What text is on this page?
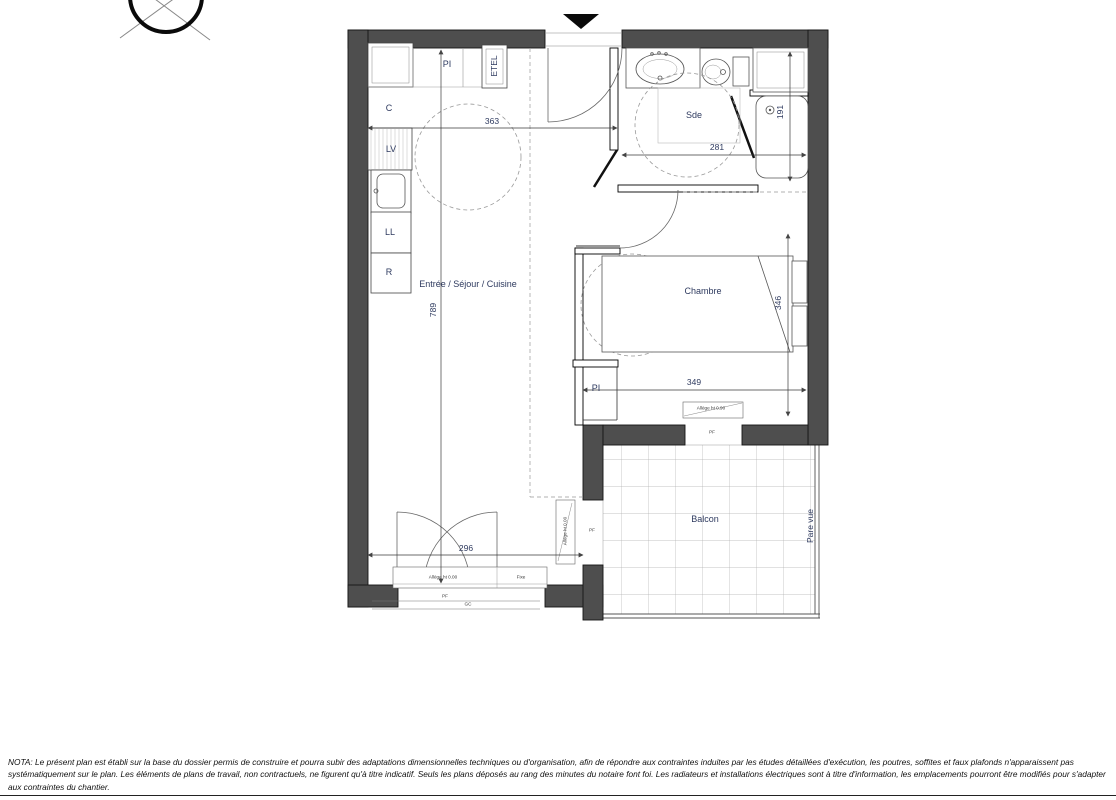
Entrée / Séjour / Cuisine
Chambre
Sde
Balcon	Pare vue
C
PI	ETEL
LV
LL
R
PI
363
789
281
191
349
346
296
Allège ht 0.00	Fixe
PF
GC
Allège ht 0.00	PF
Allège ht 0.90
PF
NOTA: Le présent plan est établi sur la base du dossier permis de construire et pourra subir des adaptations dimensionnelles techniques ou d'organisation, afin de répondre aux contraintes induites par les études détaillées d'exécution, les poutres, soffites et faux plafonds n'apparaissent pas systématiquement sur le plan. Les éléments de plans de travail, non contractuels, ne figurent qu'à titre indicatif. Seuls les plans déposés au rang des minutes du notaire font foi. Les radiateurs et installations électriques sont à titre d'information, les emplacements pourront être modifiés pour s'adapter aux contraintes du chantier.
